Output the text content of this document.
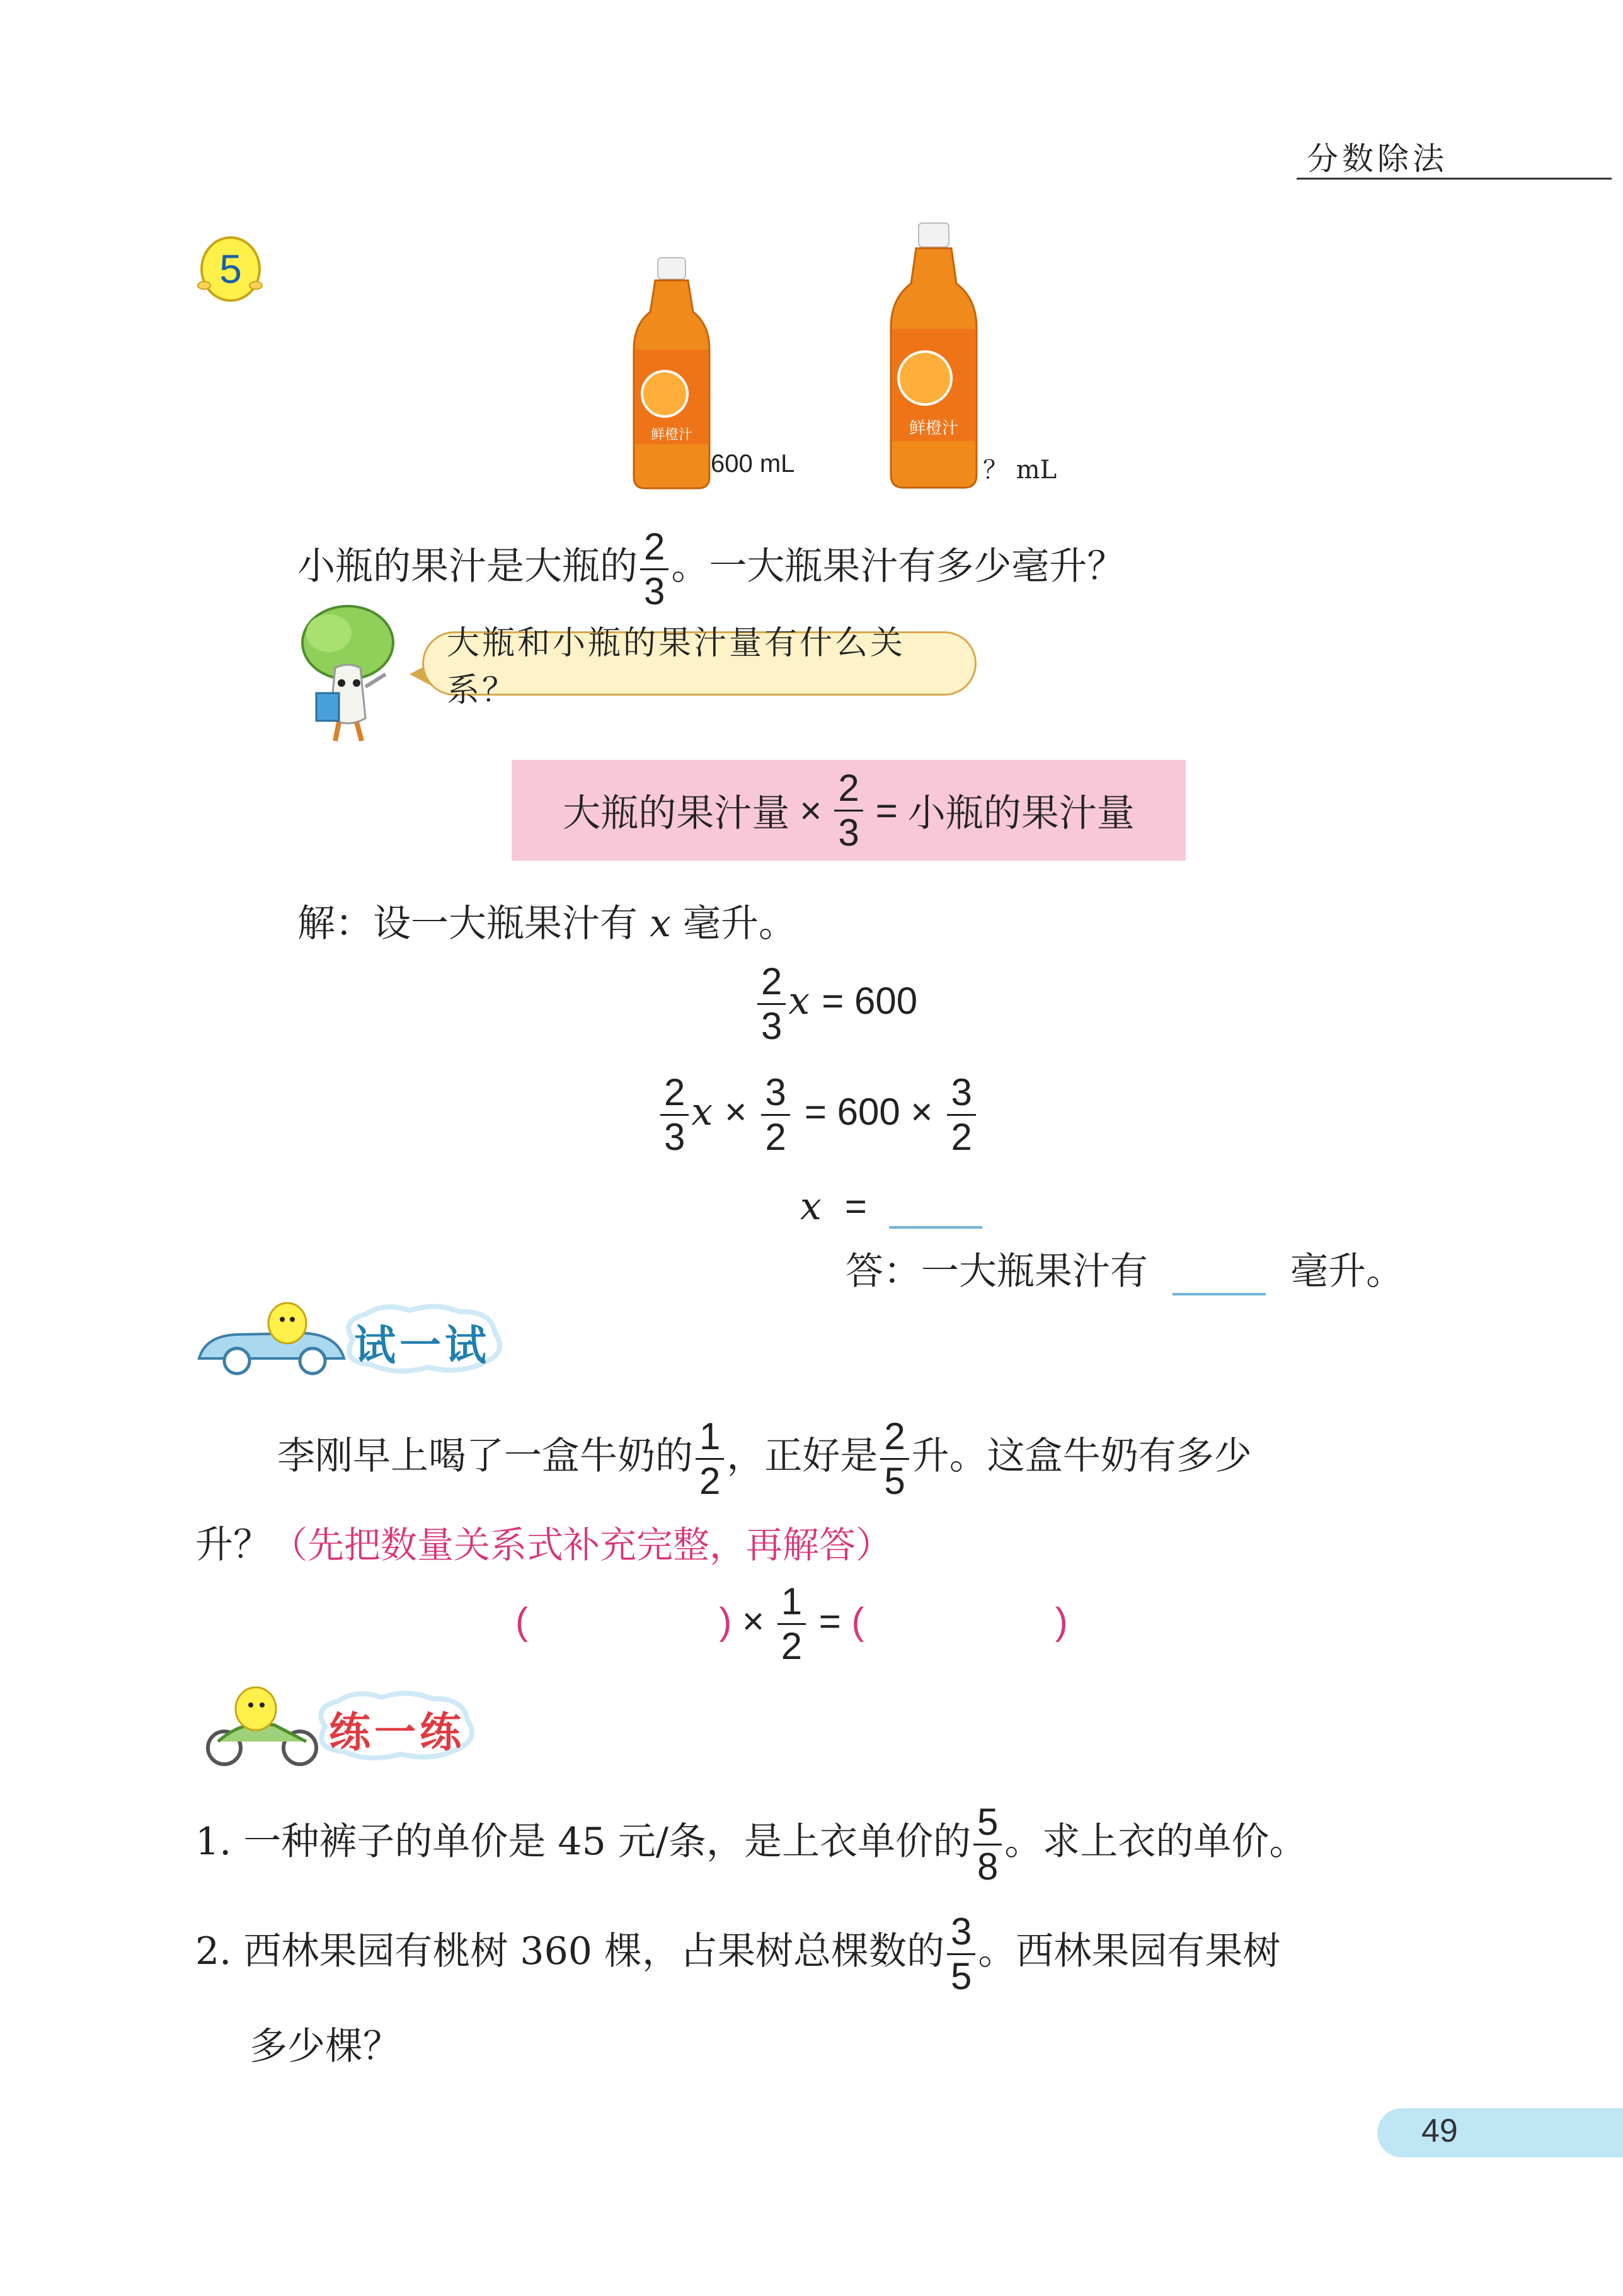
分数除法
5
鲜橙汁
600 mL
鲜橙汁
？ mL
小瓶的果汁是大瓶的 $\frac{2}{3}$ 。一大瓶果汁有多少毫升？
大瓶和小瓶的果汁量有什么关系？
大瓶的果汁量 × $\frac{2}{3}$ = 小瓶的果汁量
解：设一大瓶果汁有 x 毫升。
$\frac{2}{3}$ x = 600
$\frac{2}{3}$ $x \times \frac{3}{2} = 600 \times \frac{3}{2}$
x =
答：一大瓶果汁有	毫升。
试一试
李刚早上喝了一盒牛奶的 $\frac{1}{2}$ ，正好是 $\frac{2}{5}$ 升。这盒牛奶有多少
升？（先把数量关系式补充完整，再解答）
(	) × $\frac{1}{2}$ = (	)
练一练
1. 一种裤子的单价是 45 元/条，是上衣单价的 $\frac{5}{8}$ 。求上衣的单价。
2. 西林果园有桃树 360 棵，占果树总棵数的 $\frac{3}{5}$ 。西林果园有果树
多少棵？
49
